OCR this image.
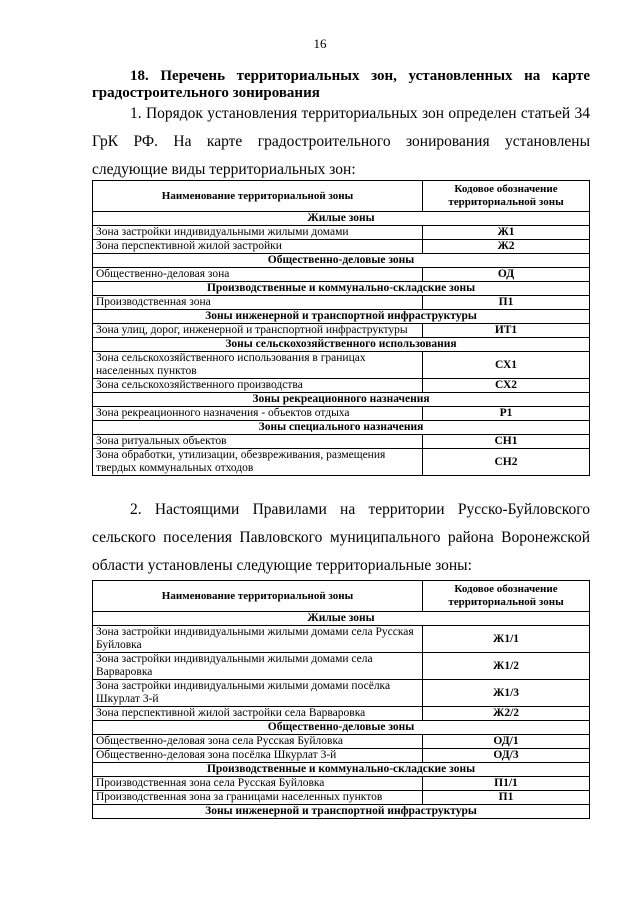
16

18. Перечень территориальных зон, установленных на карте градостроительного зонирования

1. Порядок установления территориальных зон определен статьей 34 ГрК РФ. На карте градостроительного зонирования установлены следующие виды территориальных зон:

Наименование территориальной зоны	Кодовое обозначение территориальной зоны
Жилые зоны	
Зона застройки индивидуальными жилыми домами	Ж1
Зона перспективной жилой застройки	Ж2
Общественно-деловые зоны	
Общественно-деловая зона	ОД
Производственные и коммунально-складские зоны	
Производственная зона	П1
Зоны инженерной и транспортной инфраструктуры	
Зона улиц, дорог, инженерной и транспортной инфраструктуры	ИТ1
Зоны сельскохозяйственного использования	
Зона сельскохозяйственного использования в границах населенных пунктов	СХ1
Зона сельскохозяйственного производства	СХ2
Зоны рекреационного назначения	
Зона рекреационного назначения - объектов отдыха	Р1
Зоны специального назначения	
Зона ритуальных объектов	СН1
Зона обработки, утилизации, обезвреживания, размещения твердых коммунальных отходов	СН2

2. Настоящими Правилами на территории Русско-Буйловского сельского поселения Павловского муниципального района Воронежской области установлены следующие территориальные зоны:

Наименование территориальной зоны	Кодовое обозначение территориальной зоны
Жилые зоны	
Зона застройки индивидуальными жилыми домами села Русская Буйловка	Ж1/1
Зона застройки индивидуальными жилыми домами села Варваровка	Ж1/2
Зона застройки индивидуальными жилыми домами посёлка Шкурлат 3-й	Ж1/3
Зона перспективной жилой застройки села Варваровка	Ж2/2
Общественно-деловые зоны	
Общественно-деловая зона села Русская Буйловка	ОД/1
Общественно-деловая зона посёлка Шкурлат 3-й	ОД/3
Производственные и коммунально-складские зоны	
Производственная зона села Русская Буйловка	П1/1
Производственная зона за границами населенных пунктов	П1
Зоны инженерной и транспортной инфраструктуры	
